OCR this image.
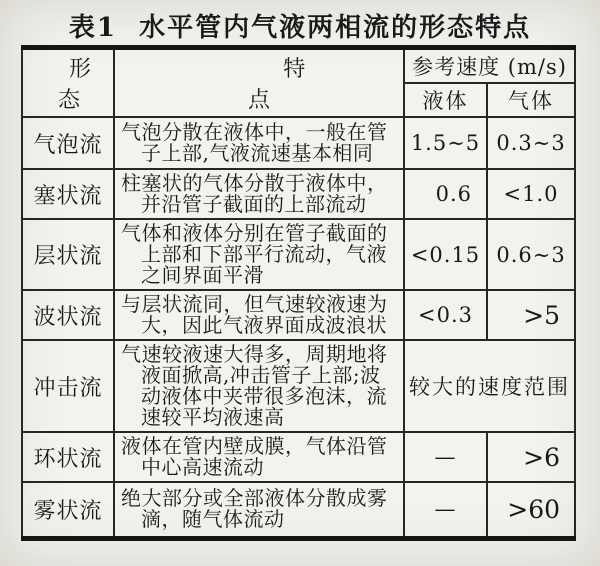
表1  水平管内气液两相流的形态特点
形态	特点	参考速度 (m/s)	
		液体	气体
气泡流	气泡分散在液体中，一般在管子上部,气液流速基本相同	1.5∼5	0.3∼3
塞状流	柱塞状的气体分散于液体中，并沿管子截面的上部流动	0.6	<1.0
层状流	气体和液体分别在管子截面的上部和下部平行流动，气液之间界面平滑	<0.15	0.6∼3
波状流	与层状流同，但气速较液速为大，因此气液界面成波浪状	<0.3	>5
冲击流	气速较液速大得多，周期地将液面掀高,冲击管子上部;波动液体中夹带很多泡沫，流速较平均液速高	较大的速度范围	
环状流	液体在管内壁成膜，气体沿管中心高速流动	—	>6
雾状流	绝大部分或全部液体分散成雾滴，随气体流动	—	>60
